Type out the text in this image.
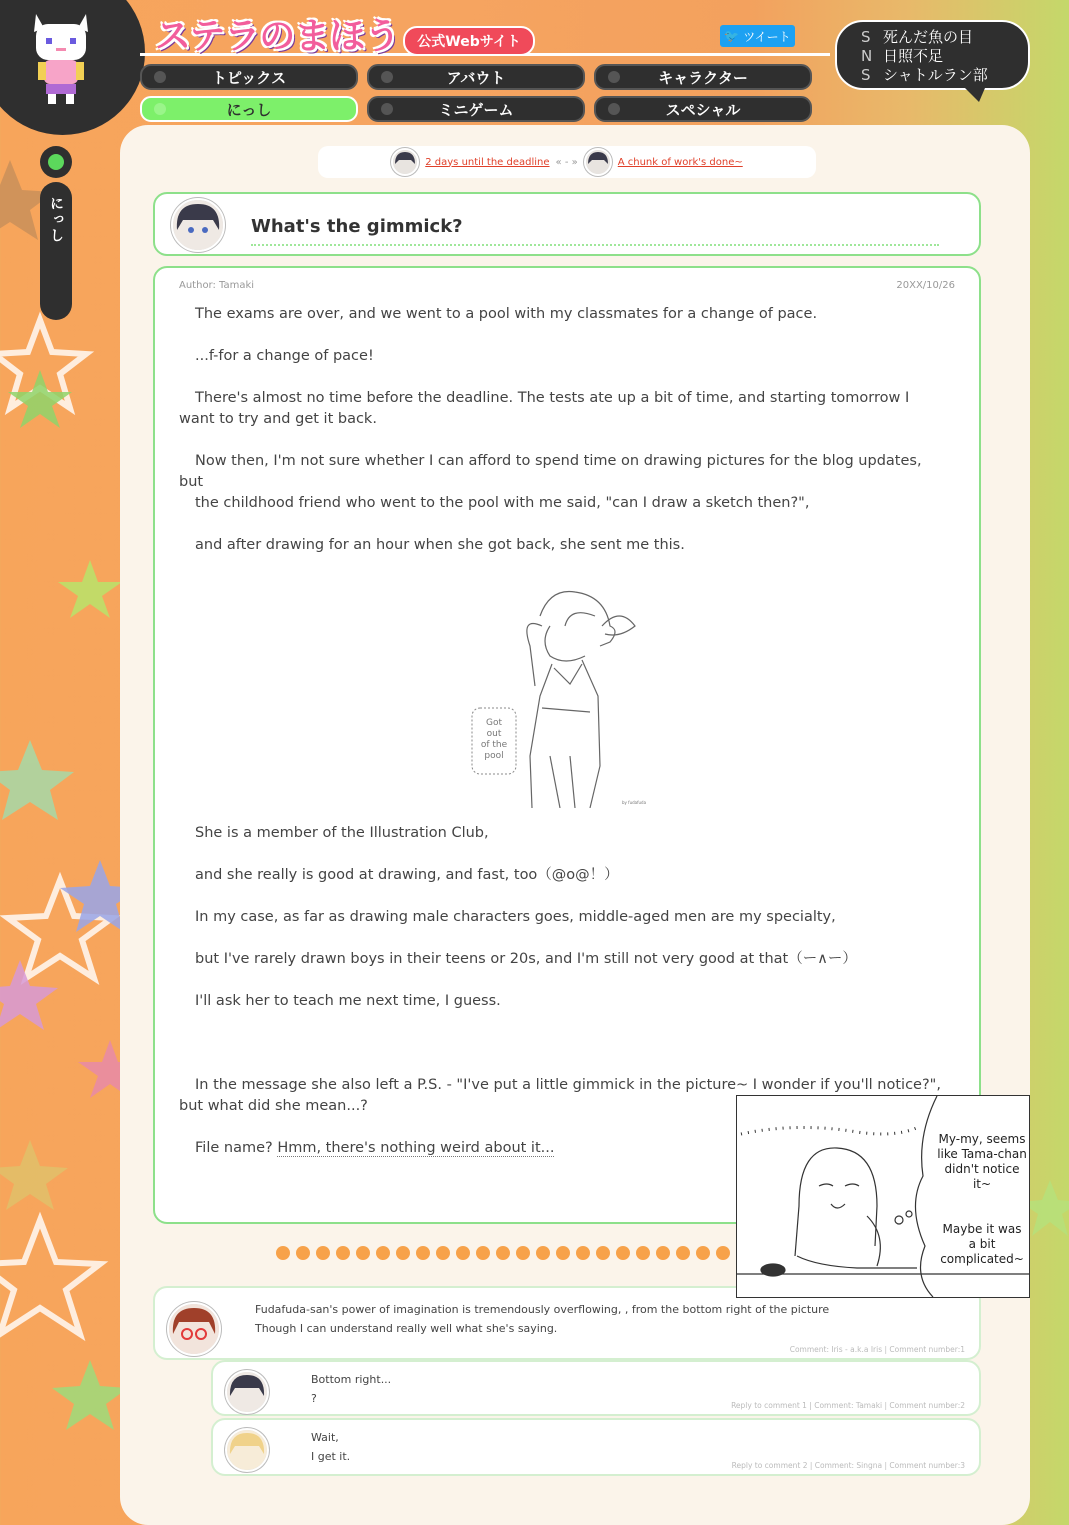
にっし
ステラのまほう	公式Webサイト	🐦 ツイート
トピックス	アバウト	キャラクター
にっし	ミニゲーム	スペシャル
S 死んだ魚の目
N 日照不足
S シャトルラン部
2 days until the deadline « - »	A chunk of work's done~
What's the gimmick?
Author: Tamaki	20XX/10/26

The exams are over, and we went to a pool with my classmates for a change of pace.

...f-for a change of pace!

There's almost no time before the deadline. The tests ate up a bit of time, and starting tomorrow I want to try and get it back.

Now then, I'm not sure whether I can afford to spend time on drawing pictures for the blog updates, but

the childhood friend who went to the pool with me said, "can I draw a sketch then?",

and after drawing for an hour when she got back, she sent me this.

Got
out
of the
pool
by fudafuda

She is a member of the Illustration Club,

and she really is good at drawing, and fast, too（@o@！）

In my case, as far as drawing male characters goes, middle-aged men are my specialty,

but I've rarely drawn boys in their teens or 20s, and I'm still not very good at that（ー∧ー）

I'll ask her to teach me next time, I guess.

In the message she also left a P.S. - "I've put a little gimmick in the picture~ I wonder if you'll notice?", but what did she mean...?

File name? Hmm, there's nothing weird about it...

My-my, seems like Tama-chan didn't notice it~
Maybe it was a bit complicated~
Fudafuda-san's power of imagination is tremendously overflowing, , from the bottom right of the picture
Though I can understand really well what she's saying.
Comment: Iris - a.k.a Iris | Comment number:1
Bottom right...
?
Reply to comment 1 | Comment: Tamaki | Comment number:2
Wait,
I get it.
Reply to comment 2 | Comment: Singna | Comment number:3
